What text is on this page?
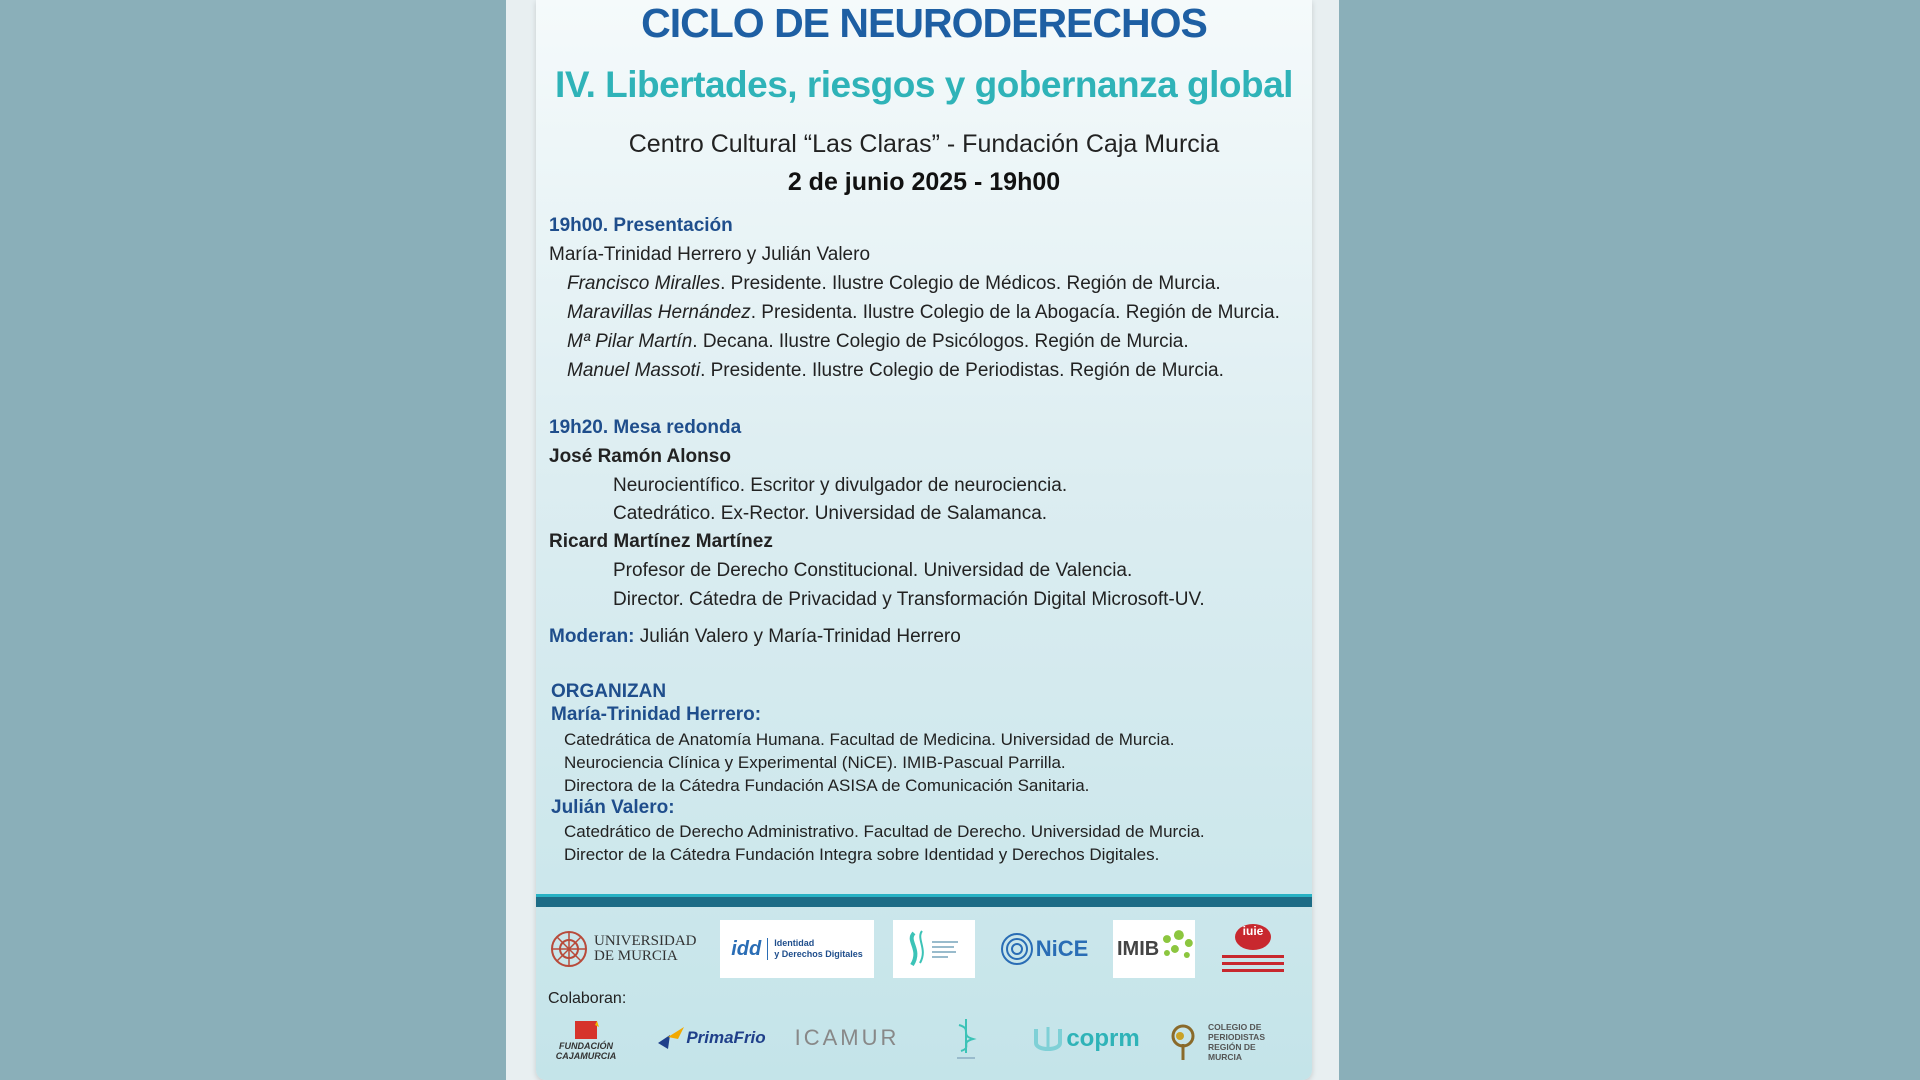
CICLO DE NEURODERECHOS
IV. Libertades, riesgos y gobernanza global
Centro Cultural “Las Claras” - Fundación Caja Murcia
2 de junio 2025 - 19h00
19h00. Presentación
María-Trinidad Herrero y Julián Valero
Francisco Miralles. Presidente. Ilustre Colegio de Médicos. Región de Murcia.
Maravillas Hernández. Presidenta. Ilustre Colegio de la Abogacía. Región de Murcia.
Mª Pilar Martín. Decana. Ilustre Colegio de Psicólogos. Región de Murcia.
Manuel Massoti. Presidente. Ilustre Colegio de Periodistas. Región de Murcia.
19h20. Mesa redonda
José Ramón Alonso
Neurocientífico. Escritor y divulgador de neurociencia.
Catedrático. Ex-Rector. Universidad de Salamanca.
Ricard Martínez Martínez
Profesor de Derecho Constitucional. Universidad de Valencia.
Director. Cátedra de Privacidad y Transformación Digital Microsoft-UV.
Moderan: Julián Valero y María-Trinidad Herrero
ORGANIZAN
María-Trinidad Herrero:
Catedrática de Anatomía Humana. Facultad de Medicina. Universidad de Murcia.
Neurociencia Clínica y Experimental (NiCE). IMIB-Pascual Parrilla.
Directora de la Cátedra Fundación ASISA de Comunicación Sanitaria.
Julián Valero:
Catedrático de Derecho Administrativo. Facultad de Derecho. Universidad de Murcia.
Director de la Cátedra Fundación Integra sobre Identidad y Derechos Digitales.
UNIVERSIDAD
DE MURCIA	idd Identidad
y Derechos Digitales	NiCE IMIB
iuie
Colaboran:
FUNDACIÓN CAJAMURCIA
PrimaFrio ICAMUR	coprm	COLEGIO DE
PERIODISTAS
REGIÓN DE
MURCIA
